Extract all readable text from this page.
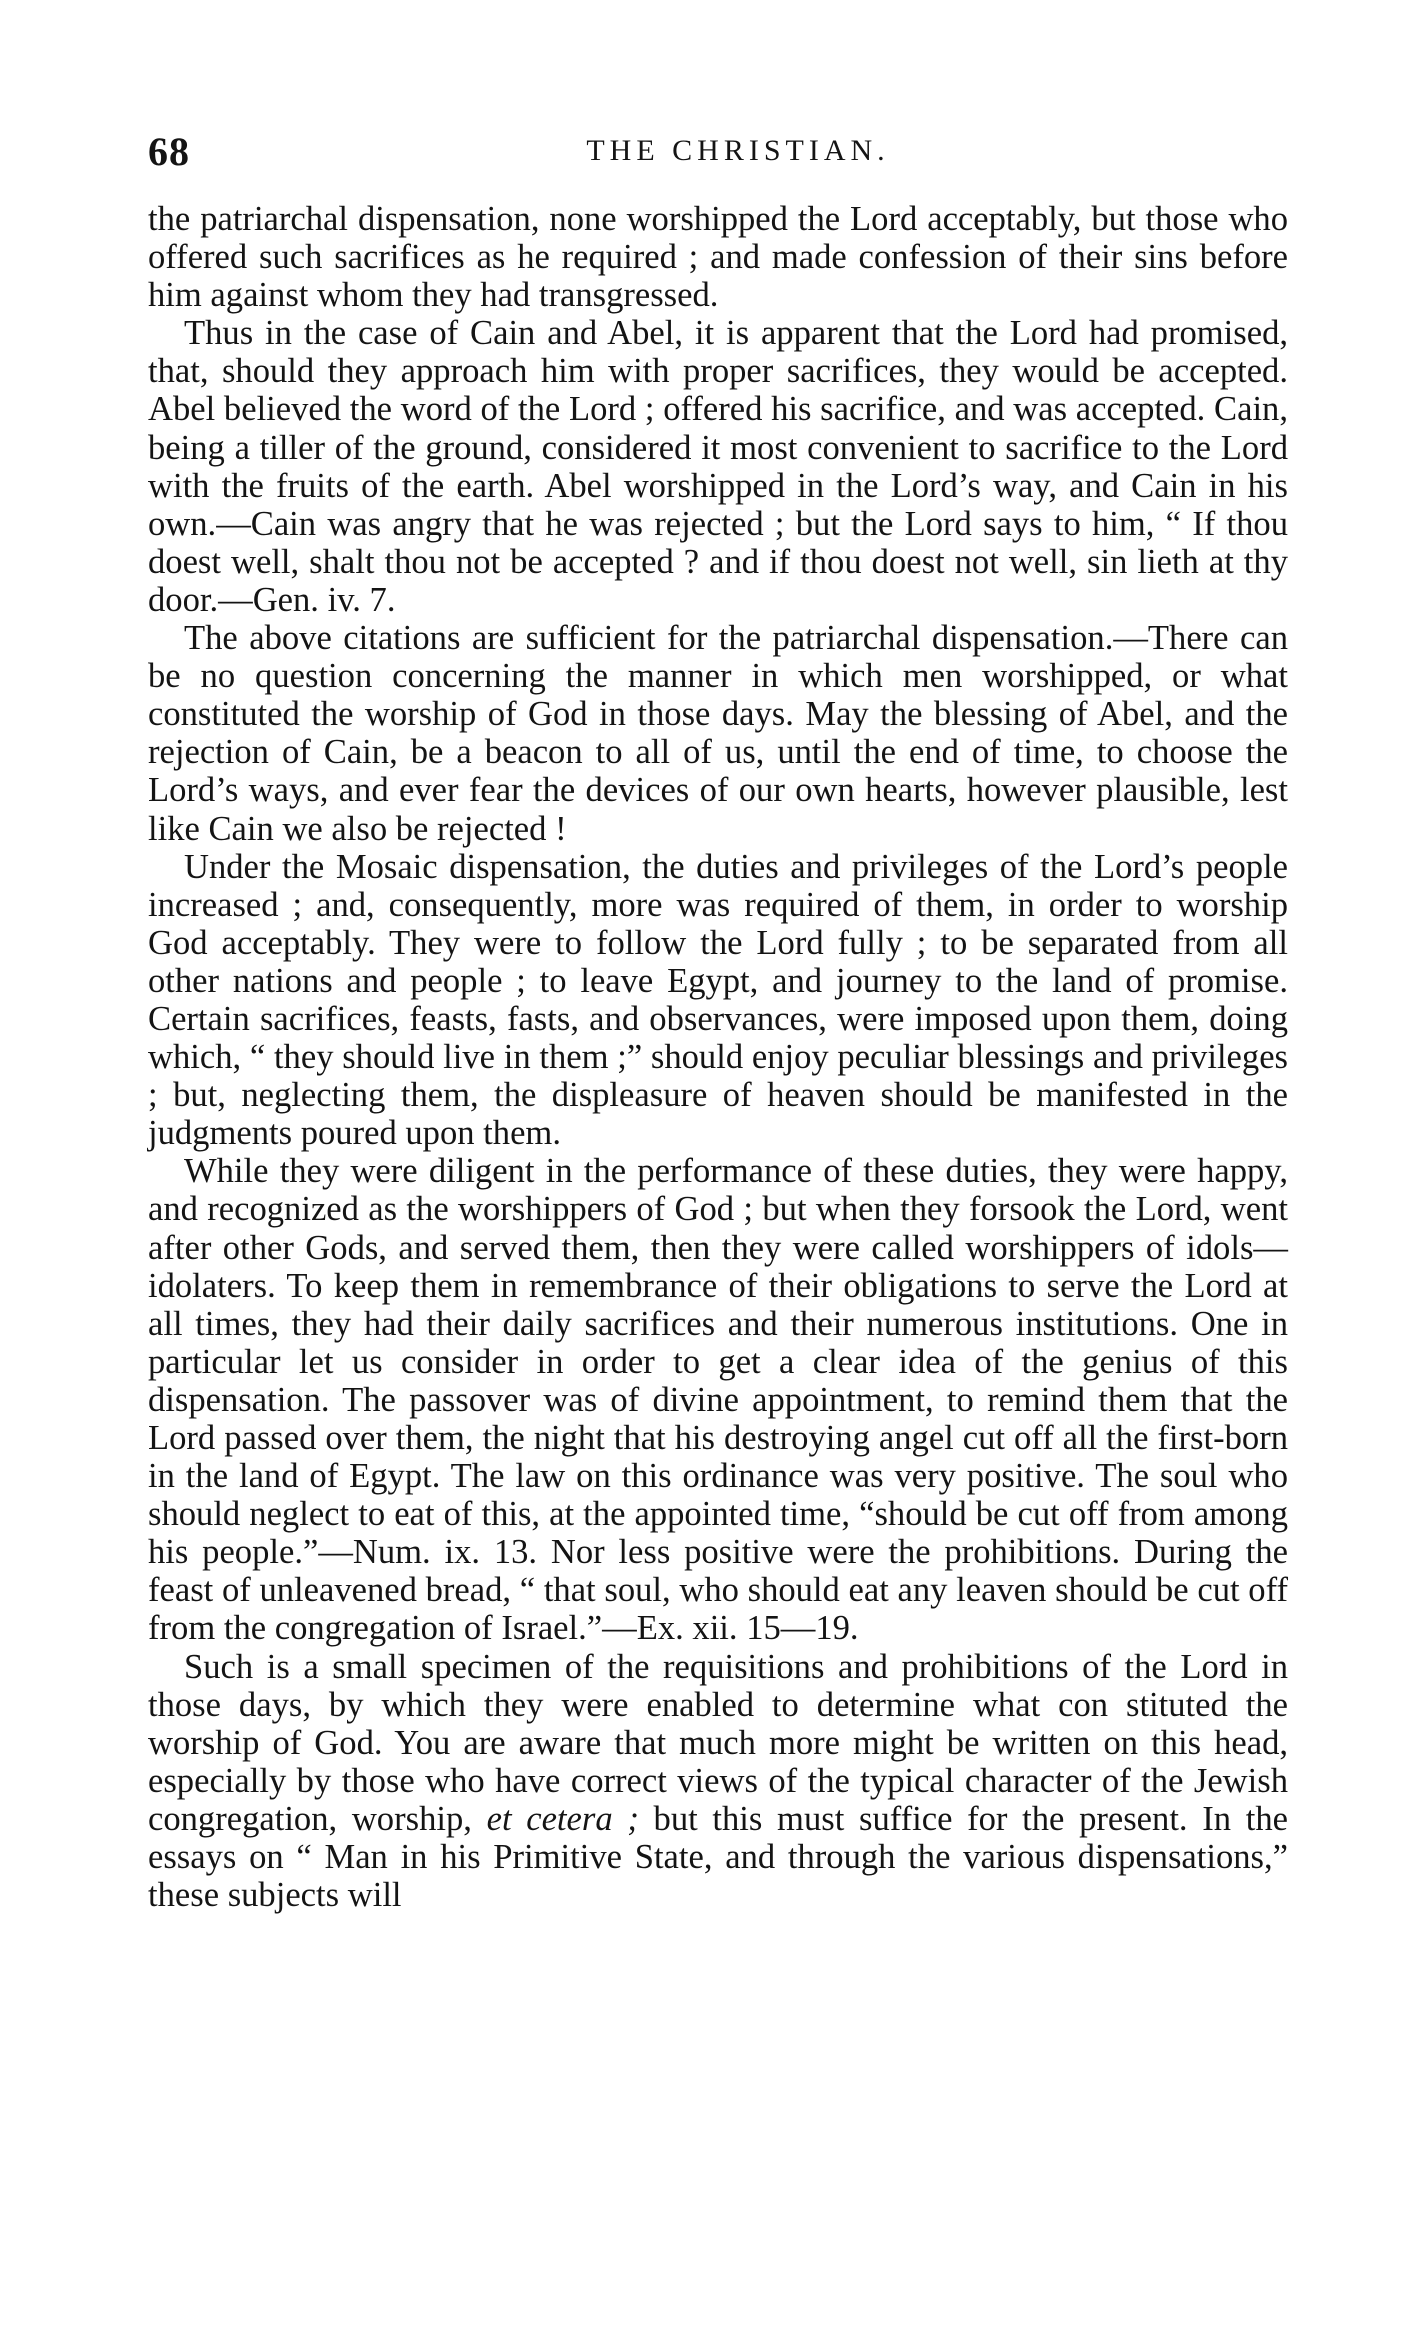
68	THE CHRISTIAN.

the patriarchal dispensation, none worshipped the Lord acceptably, but those who offered such sacrifices as he required ; and made confession of their sins before him against whom they had transgressed.

Thus in the case of Cain and Abel, it is apparent that the Lord had promised, that, should they approach him with proper sacrifices, they would be accepted. Abel believed the word of the Lord ; offered his sacrifice, and was accepted. Cain, being a tiller of the ground, considered it most convenient to sacrifice to the Lord with the fruits of the earth. Abel worshipped in the Lord’s way, and Cain in his own.—Cain was angry that he was rejected ; but the Lord says to him, “ If thou doest well, shalt thou not be accepted ? and if thou doest not well, sin lieth at thy door.—Gen. iv. 7.

The above citations are sufficient for the patriarchal dispensation.—There can be no question concerning the manner in which men worshipped, or what constituted the worship of God in those days. May the blessing of Abel, and the rejection of Cain, be a beacon to all of us, until the end of time, to choose the Lord’s ways, and ever fear the devices of our own hearts, however plausible, lest like Cain we also be rejected !

Under the Mosaic dispensation, the duties and privileges of the Lord’s people increased ; and, consequently, more was required of them, in order to worship God acceptably. They were to follow the Lord fully ; to be separated from all other nations and people ; to leave Egypt, and journey to the land of promise. Certain sacrifices, feasts, fasts, and observances, were imposed upon them, doing which, “ they should live in them ;” should enjoy peculiar blessings and privileges ; but, neglecting them, the displeasure of heaven should be manifested in the judgments poured upon them.

While they were diligent in the performance of these duties, they were happy, and recognized as the worshippers of God ; but when they forsook the Lord, went after other Gods, and served them, then they were called worshippers of idols—idolaters. To keep them in remembrance of their obligations to serve the Lord at all times, they had their daily sacrifices and their numerous institutions. One in particular let us consider in order to get a clear idea of the genius of this dispensation. The passover was of divine appointment, to remind them that the Lord passed over them, the night that his destroying angel cut off all the first-born in the land of Egypt. The law on this ordinance was very positive. The soul who should neglect to eat of this, at the appointed time, “should be cut off from among his people.”—Num. ix. 13. Nor less positive were the prohibitions. During the feast of unleavened bread, “ that soul, who should eat any leaven should be cut off from the congregation of Israel.”—Ex. xii. 15—19.

Such is a small specimen of the requisitions and prohibitions of the Lord in those days, by which they were enabled to determine what con stituted the worship of God. You are aware that much more might be written on this head, especially by those who have correct views of the typical character of the Jewish congregation, worship, et cetera ; but this must suffice for the present. In the essays on “ Man in his Primitive State, and through the various dispensations,” these subjects will
